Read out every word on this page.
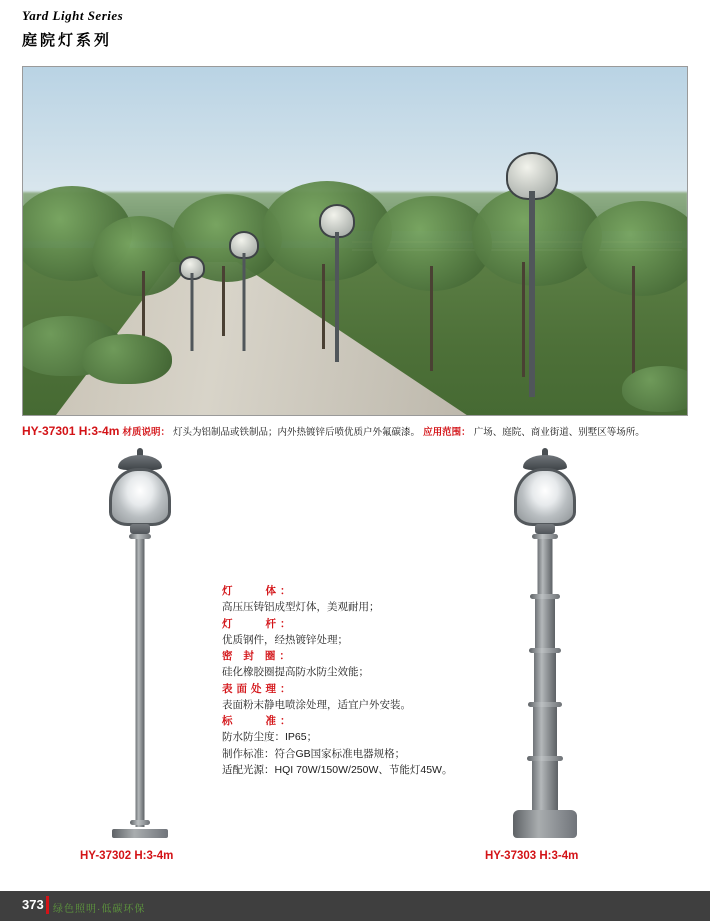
Yard Light Series
庭院灯系列
HY-37301 H:3-4m 材质说明： 灯头为铝制品或铁制品；内外热镀锌后喷优质户外氟碳漆。 应用范围： 广场、庭院、商业街道、别墅区等场所。
灯　　体：
高压压铸铝成型灯体，美观耐用；
灯　　杆：
优质钢件，经热镀锌处理；
密 封 圈：
硅化橡胶圈提高防水防尘效能；
表面处理：
表面粉末静电喷涂处理，适宜户外安装。
标　　准：
防水防尘度：IP65；
制作标准：符合GB国家标准电器规格；
适配光源：HQI 70W/150W/250W、节能灯45W。
HY-37302 H:3-4m	HY-37303 H:3-4m
373 绿色照明·低碳环保
